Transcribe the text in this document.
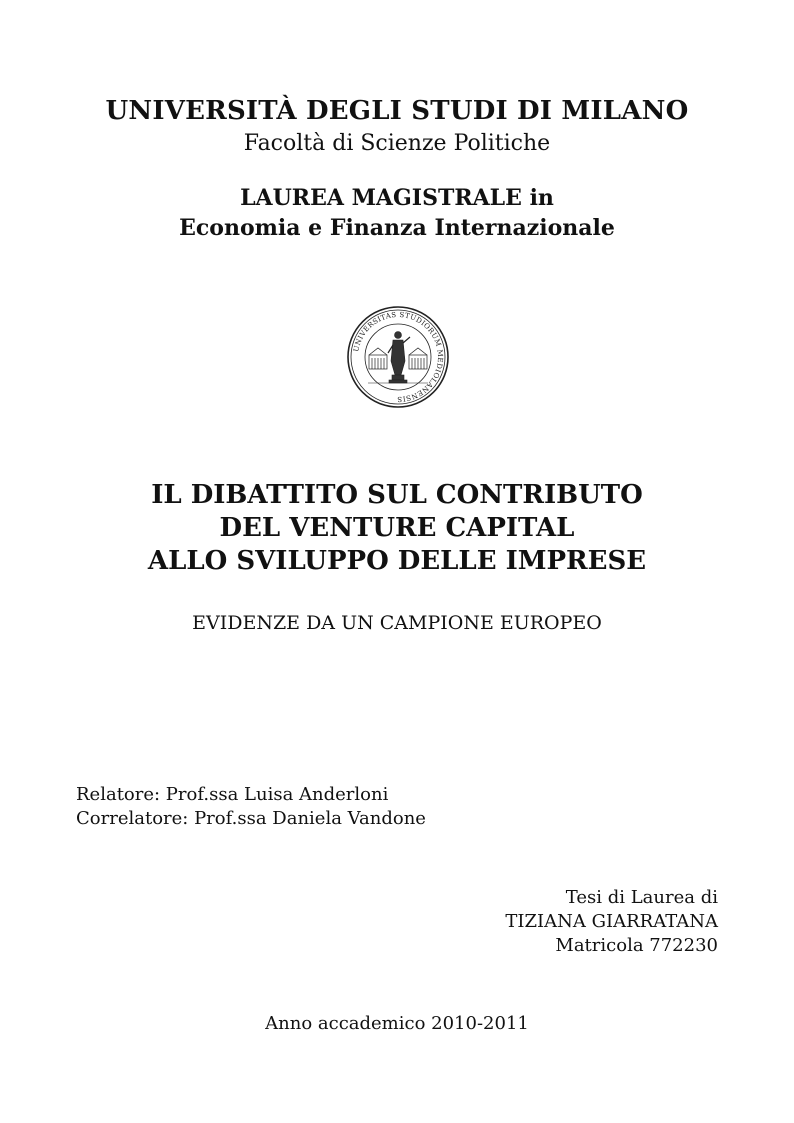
UNIVERSITÀ DEGLI STUDI DI MILANO
Facoltà di Scienze Politiche
LAUREA MAGISTRALE in
Economia e Finanza Internazionale
UNIVERSITAS STUDIORUM MEDIOLANENSIS
IL DIBATTITO SUL CONTRIBUTO
DEL VENTURE CAPITAL
ALLO SVILUPPO DELLE IMPRESE
EVIDENZE DA UN CAMPIONE EUROPEO
Relatore: Prof.ssa Luisa Anderloni
Correlatore: Prof.ssa Daniela Vandone
Tesi di Laurea di
TIZIANA GIARRATANA
Matricola 772230
Anno accademico 2010-2011
